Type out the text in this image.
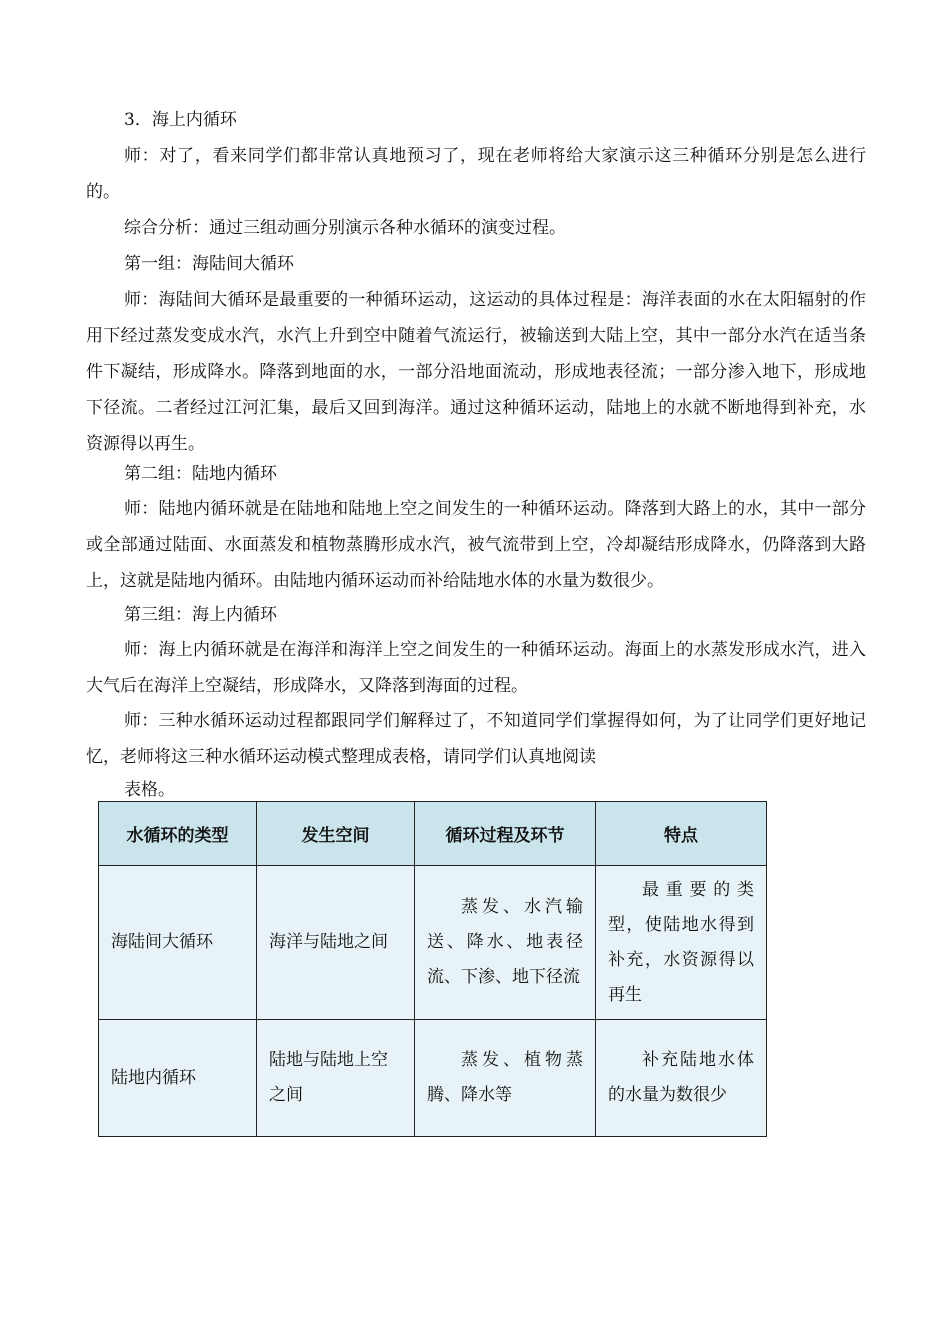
3．海上内循环

师：对了，看来同学们都非常认真地预习了，现在老师将给大家演示这三种循环分别是怎么进行的。

综合分析：通过三组动画分别演示各种水循环的演变过程。

第一组：海陆间大循环

师：海陆间大循环是最重要的一种循环运动，这运动的具体过程是：海洋表面的水在太阳辐射的作用下经过蒸发变成水汽，水汽上升到空中随着气流运行，被输送到大陆上空，其中一部分水汽在适当条件下凝结，形成降水。降落到地面的水，一部分沿地面流动，形成地表径流；一部分渗入地下，形成地下径流。二者经过江河汇集，最后又回到海洋。通过这种循环运动，陆地上的水就不断地得到补充，水资源得以再生。

第二组：陆地内循环

师：陆地内循环就是在陆地和陆地上空之间发生的一种循环运动。降落到大路上的水，其中一部分或全部通过陆面、水面蒸发和植物蒸腾形成水汽，被气流带到上空，冷却凝结形成降水，仍降落到大路上，这就是陆地内循环。由陆地内循环运动而补给陆地水体的水量为数很少。

第三组：海上内循环

师：海上内循环就是在海洋和海洋上空之间发生的一种循环运动。海面上的水蒸发形成水汽，进入大气后在海洋上空凝结，形成降水，又降落到海面的过程。

师：三种水循环运动过程都跟同学们解释过了，不知道同学们掌握得如何，为了让同学们更好地记忆，老师将这三种水循环运动模式整理成表格，请同学们认真地阅读

表格。

水循环的类型	发生空间	循环过程及环节	特点

海陆间大循环	海洋与陆地之间	蒸发、水汽输送、降水、地表径流、下渗、地下径流	最重要的类型，使陆地水得到补充，水资源得以再生

陆地内循环	陆地与陆地上空之间	蒸发、植物蒸腾、降水等	补充陆地水体的水量为数很少
